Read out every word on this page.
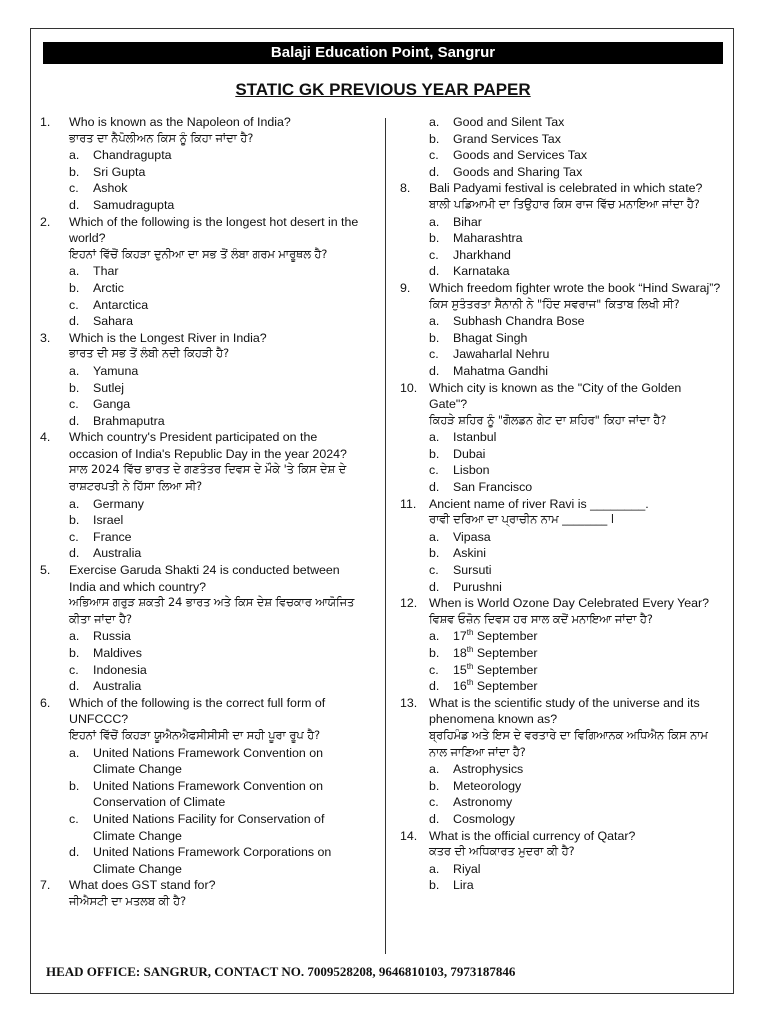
Balaji Education Point, Sangrur
STATIC GK PREVIOUS YEAR PAPER
1.	Who is known as the Napoleon of India?
ਭਾਰਤ ਦਾ ਨੈਪੋਲੀਅਨ ਕਿਸ ਨੂੰ ਕਿਹਾ ਜਾਂਦਾ ਹੈ?
a.	Chandragupta
b.	Sri Gupta
c.	Ashok
d.	Samudragupta
2.	Which of the following is the longest hot desert in the world?
ਇਹਨਾਂ ਵਿੱਚੋਂ ਕਿਹੜਾ ਦੁਨੀਆ ਦਾ ਸਭ ਤੋਂ ਲੰਬਾ ਗਰਮ ਮਾਰੂਥਲ ਹੈ?
a.	Thar
b.	Arctic
c.	Antarctica
d.	Sahara
3.	Which is the Longest River in India?
ਭਾਰਤ ਦੀ ਸਭ ਤੋਂ ਲੰਬੀ ਨਦੀ ਕਿਹੜੀ ਹੈ?
a.	Yamuna
b.	Sutlej
c.	Ganga
d.	Brahmaputra
4.	Which country's President participated on the occasion of India's Republic Day in the year 2024?
ਸਾਲ 2024 ਵਿੱਚ ਭਾਰਤ ਦੇ ਗਣਤੰਤਰ ਦਿਵਸ ਦੇ ਮੌਕੇ 'ਤੇ ਕਿਸ ਦੇਸ਼ ਦੇ ਰਾਸ਼ਟਰਪਤੀ ਨੇ ਹਿੱਸਾ ਲਿਆ ਸੀ?
a.	Germany
b.	Israel
c.	France
d.	Australia
5.	Exercise Garuda Shakti 24 is conducted between India and which country?
ਅਭਿਆਸ ਗਰੁੜ ਸ਼ਕਤੀ 24 ਭਾਰਤ ਅਤੇ ਕਿਸ ਦੇਸ਼ ਵਿਚਕਾਰ ਆਯੋਜਿਤ ਕੀਤਾ ਜਾਂਦਾ ਹੈ?
a.	Russia
b.	Maldives
c.	Indonesia
d.	Australia
6.	Which of the following is the correct full form of UNFCCC?
ਇਹਨਾਂ ਵਿੱਚੋਂ ਕਿਹੜਾ ਯੂਐਨਐਫਸੀਸੀਸੀ ਦਾ ਸਹੀ ਪੂਰਾ ਰੂਪ ਹੈ?
a.	United Nations Framework Convention on Climate Change
b.	United Nations Framework Convention on Conservation of Climate
c.	United Nations Facility for Conservation of Climate Change
d.	United Nations Framework Corporations on Climate Change
7.	What does GST stand for?
ਜੀਐਸਟੀ ਦਾ ਮਤਲਬ ਕੀ ਹੈ?
a.	Good and Silent Tax
b.	Grand Services Tax
c.	Goods and Services Tax
d.	Goods and Sharing Tax
8.	Bali Padyami festival is celebrated in which state?
ਬਾਲੀ ਪਡਿਆਮੀ ਦਾ ਤਿਉਹਾਰ ਕਿਸ ਰਾਜ ਵਿੱਚ ਮਨਾਇਆ ਜਾਂਦਾ ਹੈ?
a.	Bihar
b.	Maharashtra
c.	Jharkhand
d.	Karnataka
9.	Which freedom fighter wrote the book “Hind Swaraj”?
ਕਿਸ ਸੁਤੰਤਰਤਾ ਸੈਨਾਨੀ ਨੇ "ਹਿੰਦ ਸਵਰਾਜ" ਕਿਤਾਬ ਲਿਖੀ ਸੀ?
a.	Subhash Chandra Bose
b.	Bhagat Singh
c.	Jawaharlal Nehru
d.	Mahatma Gandhi
10. Which city is known as the "City of the Golden Gate"?
ਕਿਹੜੇ ਸ਼ਹਿਰ ਨੂੰ "ਗੋਲਡਨ ਗੇਟ ਦਾ ਸ਼ਹਿਰ" ਕਿਹਾ ਜਾਂਦਾ ਹੈ?
a.	Istanbul
b.	Dubai
c.	Lisbon
d.	San Francisco
11.	Ancient name of river Ravi is ________.
ਰਾਵੀ ਦਰਿਆ ਦਾ ਪ੍ਰਾਚੀਨ ਨਾਮ ________ l
a.	Vipasa
b.	Askini
c.	Sursuti
d.	Purushni
12. When is World Ozone Day Celebrated Every Year?
ਵਿਸ਼ਵ ਓਜ਼ੋਨ ਦਿਵਸ ਹਰ ਸਾਲ ਕਦੋਂ ਮਨਾਇਆ ਜਾਂਦਾ ਹੈ?
a.	17th September
b.	18th September
c.	15th September
d.	16th September
13. What is the scientific study of the universe and its phenomena known as?
ਬ੍ਰਹਿਮੰਡ ਅਤੇ ਇਸ ਦੇ ਵਰਤਾਰੇ ਦਾ ਵਿਗਿਆਨਕ ਅਧਿਐਨ ਕਿਸ ਨਾਮ ਨਾਲ ਜਾਣਿਆ ਜਾਂਦਾ ਹੈ?
a.	Astrophysics
b.	Meteorology
c.	Astronomy
d.	Cosmology
14. What is the official currency of Qatar?
ਕਤਰ ਦੀ ਅਧਿਕਾਰਤ ਮੁਦਰਾ ਕੀ ਹੈ?
a.	Riyal
b.	Lira
HEAD OFFICE: SANGRUR, CONTACT NO. 7009528208, 9646810103, 7973187846
